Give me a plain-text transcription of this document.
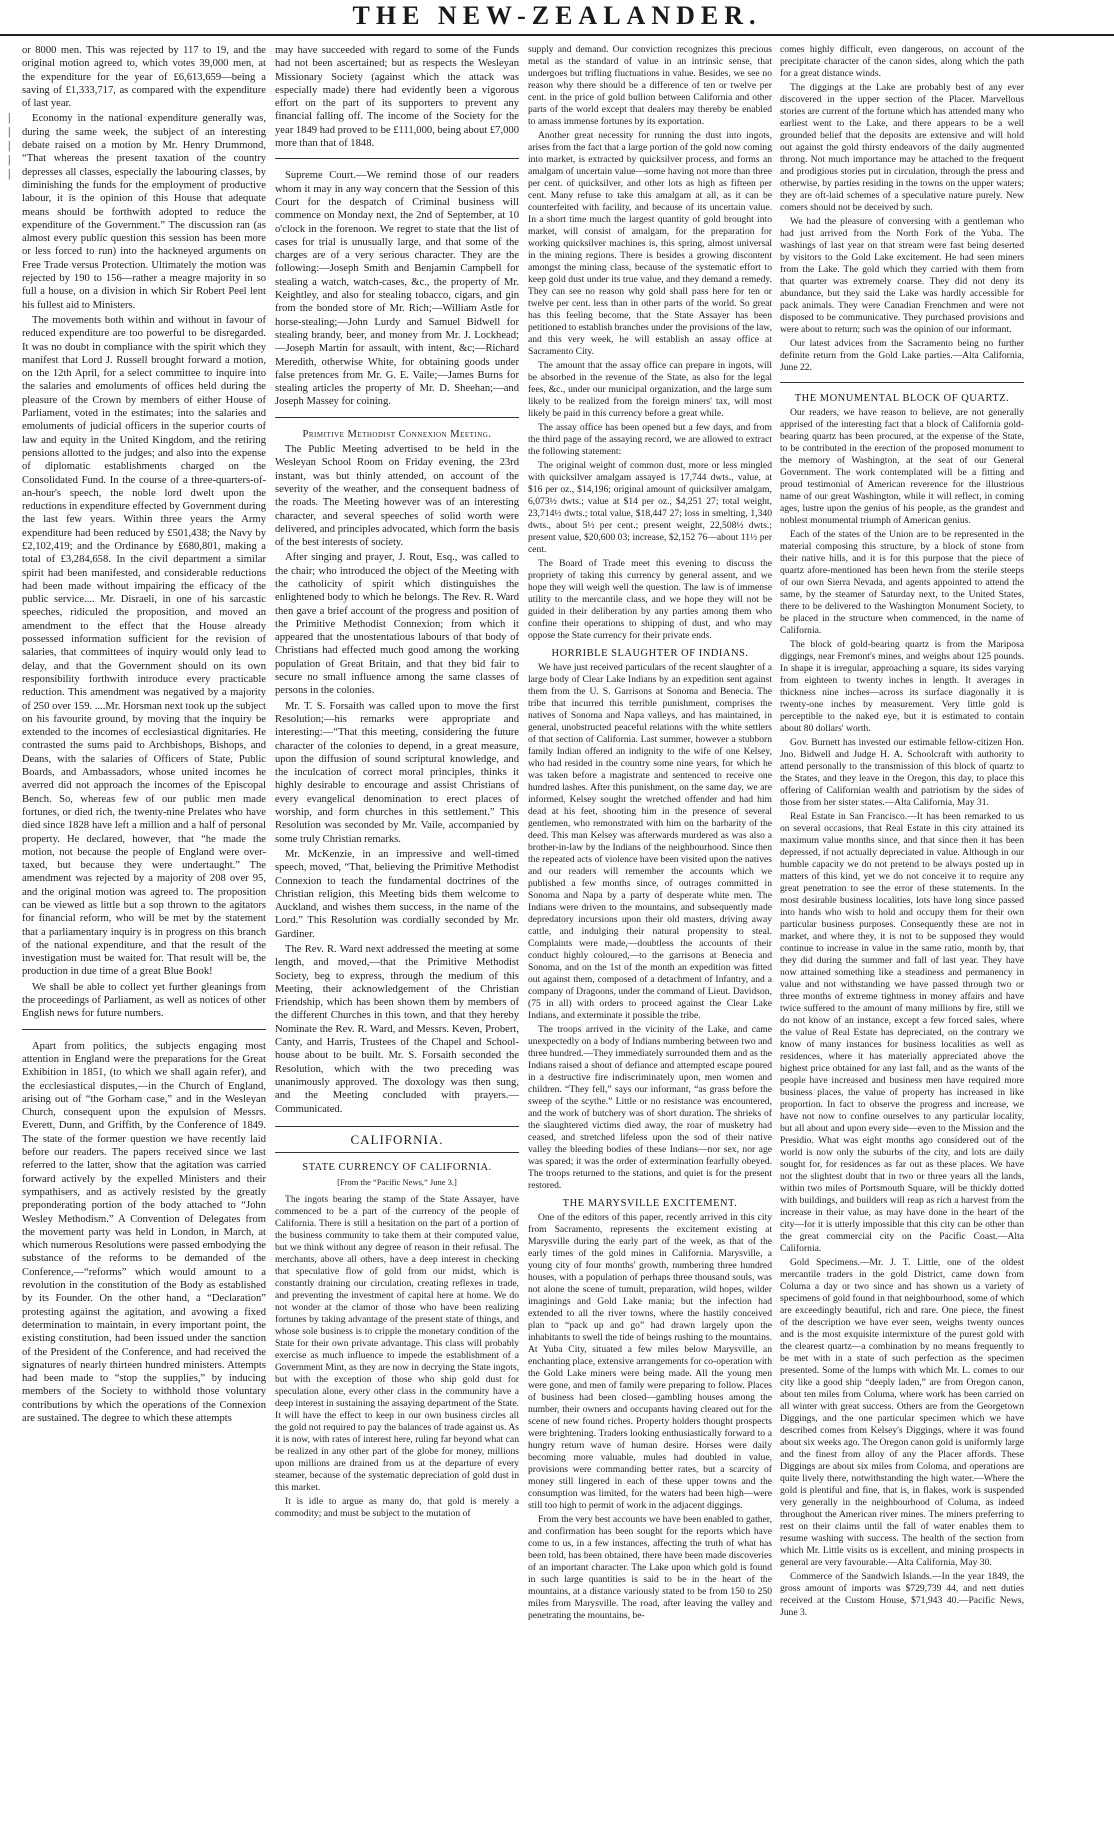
THE NEW-ZEALANDER.
|
|
|
|
|

or 8000 men. This was rejected by 117 to 19, and the original motion agreed to, which votes 39,000 men, at the expenditure for the year of £6,613,659—being a saving of £1,333,717, as compared with the expenditure of last year.

Economy in the national expenditure generally was, during the same week, the subject of an interesting debate raised on a motion by Mr. Henry Drummond, “That whereas the present taxation of the country depresses all classes, especially the labouring classes, by diminishing the funds for the employment of productive labour, it is the opinion of this House that adequate means should be forthwith adopted to reduce the expenditure of the Government.” The discussion ran (as almost every public question this session has been more or less forced to run) into the hackneyed arguments on Free Trade versus Protection. Ultimately the motion was rejected by 190 to 156—rather a meagre majority in so full a house, on a division in which Sir Robert Peel lent his fullest aid to Ministers.

The movements both within and without in favour of reduced expenditure are too powerful to be disregarded. It was no doubt in compliance with the spirit which they manifest that Lord J. Russell brought forward a motion, on the 12th April, for a select committee to inquire into the salaries and emoluments of offices held during the pleasure of the Crown by members of either House of Parliament, voted in the estimates; into the salaries and emoluments of judicial officers in the superior courts of law and equity in the United Kingdom, and the retiring pensions allotted to the judges; and also into the expense of diplomatic establishments charged on the Consolidated Fund. In the course of a three-quarters-of-an-hour's speech, the noble lord dwelt upon the reductions in expenditure effected by Government during the last few years. Within three years the Army expenditure had been reduced by £501,438; the Navy by £2,102,419; and the Ordinance by £680,801, making a total of £3,284,658. In the civil department a similar spirit had been manifested, and considerable reductions had been made without impairing the efficacy of the public service.... Mr. Disraeli, in one of his sarcastic speeches, ridiculed the proposition, and moved an amendment to the effect that the House already possessed information sufficient for the revision of salaries, that committees of inquiry would only lead to delay, and that the Government should on its own responsibility forthwith introduce every practicable reduction. This amendment was negatived by a majority of 250 over 159. ....Mr. Horsman next took up the subject on his favourite ground, by moving that the inquiry be extended to the incomes of ecclesiastical dignitaries. He contrasted the sums paid to Archbishops, Bishops, and Deans, with the salaries of Officers of State, Public Boards, and Ambassadors, whose united incomes he averred did not approach the incomes of the Episcopal Bench. So, whereas few of our public men made fortunes, or died rich, the twenty-nine Prelates who have died since 1828 have left a million and a half of personal property. He declared, however, that “he made the motion, not because the people of England were over-taxed, but because they were undertaught.” The amendment was rejected by a majority of 208 over 95, and the original motion was agreed to. The proposition can be viewed as little but a sop thrown to the agitators for financial reform, who will be met by the statement that a parliamentary inquiry is in progress on this branch of the national expenditure, and that the result of the investigation must be waited for. That result will be, the production in due time of a great Blue Book!

We shall be able to collect yet further gleanings from the proceedings of Parliament, as well as notices of other English news for future numbers.

Apart from politics, the subjects engaging most attention in England were the preparations for the Great Exhibition in 1851, (to which we shall again refer), and the ecclesiastical disputes,—in the Church of England, arising out of “the Gorham case,” and in the Wesleyan Church, consequent upon the expulsion of Messrs. Everett, Dunn, and Griffith, by the Conference of 1849. The state of the former question we have recently laid before our readers. The papers received since we last referred to the latter, show that the agitation was carried forward actively by the expelled Ministers and their sympathisers, and as actively resisted by the greatly preponderating portion of the body attached to “John Wesley Methodism.” A Convention of Delegates from the movement party was held in London, in March, at which numerous Resolutions were passed embodying the substance of the reforms to be demanded of the Conference,—“reforms” which would amount to a revolution in the constitution of the Body as established by its Founder. On the other hand, a “Declaration” protesting against the agitation, and avowing a fixed determination to maintain, in every important point, the existing constitution, had been issued under the sanction of the President of the Conference, and had received the signatures of nearly thirteen hundred ministers. Attempts had been made to “stop the supplies,” by inducing members of the Society to withhold those voluntary contributions by which the operations of the Connexion are sustained. The degree to which these attempts

may have succeeded with regard to some of the Funds had not been ascertained; but as respects the Wesleyan Missionary Society (against which the attack was especially made) there had evidently been a vigorous effort on the part of its supporters to prevent any financial falling off. The income of the Society for the year 1849 had proved to be £111,000, being about £7,000 more than that of 1848.

Supreme Court.—We remind those of our readers whom it may in any way concern that the Session of this Court for the despatch of Criminal business will commence on Monday next, the 2nd of September, at 10 o'clock in the forenoon. We regret to state that the list of cases for trial is unusually large, and that some of the charges are of a very serious character. They are the following:—Joseph Smith and Benjamin Campbell for stealing a watch, watch-cases, &c., the property of Mr. Keightley, and also for stealing tobacco, cigars, and gin from the bonded store of Mr. Rich;—William Astle for horse-stealing;—John Lurdy and Samuel Bidwell for stealing brandy, beer, and money from Mr. J. Lockhead;—Joseph Martin for assault, with intent, &c;—Richard Meredith, otherwise White, for obtaining goods under false pretences from Mr. G. E. Vaile;—James Burns for stealing articles the property of Mr. D. Sheehan;—and Joseph Massey for coining.

Primitive Methodist Connexion Meeting.

The Public Meeting advertised to be held in the Wesleyan School Room on Friday evening, the 23rd instant, was but thinly attended, on account of the severity of the weather, and the consequent badness of the roads. The Meeting however was of an interesting character, and several speeches of solid worth were delivered, and principles advocated, which form the basis of the best interests of society.

After singing and prayer, J. Rout, Esq., was called to the chair; who introduced the object of the Meeting with the catholicity of spirit which distinguishes the enlightened body to which he belongs. The Rev. R. Ward then gave a brief account of the progress and position of the Primitive Methodist Connexion; from which it appeared that the unostentatious labours of that body of Christians had effected much good among the working population of Great Britain, and that they bid fair to secure no small influence among the same classes of persons in the colonies.

Mr. T. S. Forsaith was called upon to move the first Resolution;—his remarks were appropriate and interesting:—“That this meeting, considering the future character of the colonies to depend, in a great measure, upon the diffusion of sound scriptural knowledge, and the inculcation of correct moral principles, thinks it highly desirable to encourage and assist Christians of every evangelical denomination to erect places of worship, and form churches in this settlement.” This Resolution was seconded by Mr. Vaile, accompanied by some truly Christian remarks.

Mr. McKenzie, in an impressive and well-timed speech, moved, “That, believing the Primitive Methodist Connexion to teach the fundamental doctrines of the Christian religion, this Meeting bids them welcome to Auckland, and wishes them success, in the name of the Lord.” This Resolution was cordially seconded by Mr. Gardiner.

The Rev. R. Ward next addressed the meeting at some length, and moved,—that the Primitive Methodist Society, beg to express, through the medium of this Meeting, their acknowledgement of the Christian Friendship, which has been shown them by members of the different Churches in this town, and that they hereby Nominate the Rev. R. Ward, and Messrs. Keven, Probert, Canty, and Harris, Trustees of the Chapel and School-house about to be built. Mr. S. Forsaith seconded the Resolution, which with the two preceding was unanimously approved. The doxology was then sung, and the Meeting concluded with prayers.—Communicated.

CALIFORNIA.
STATE CURRENCY OF CALIFORNIA.

[From the “Pacific News,” June 3.]

The ingots bearing the stamp of the State Assayer, have commenced to be a part of the currency of the people of California. There is still a hesitation on the part of a portion of the business community to take them at their computed value, but we think without any degree of reason in their refusal. The merchants, above all others, have a deep interest in checking that speculative flow of gold from our midst, which is constantly draining our circulation, creating reflexes in trade, and preventing the investment of capital here at home. We do not wonder at the clamor of those who have been realizing fortunes by taking advantage of the present state of things, and whose sole business is to cripple the monetary condition of the State for their own private advantage. This class will probably exercise as much influence to impede the establishment of a Government Mint, as they are now in decrying the State ingots, but with the exception of those who ship gold dust for speculation alone, every other class in the community have a deep interest in sustaining the assaying department of the State. It will have the effect to keep in our own business circles all the gold not required to pay the balances of trade against us. As it is now, with rates of interest here, ruling far beyond what can be realized in any other part of the globe for money, millions upon millions are drained from us at the departure of every steamer, because of the systematic depreciation of gold dust in this market.

It is idle to argue as many do, that gold is merely a commodity; and must be subject to the mutation of

supply and demand. Our conviction recognizes this precious metal as the standard of value in an intrinsic sense, that undergoes but trifling fluctuations in value. Besides, we see no reason why there should be a difference of ten or twelve per cent. in the price of gold bullion between California and other parts of the world except that dealers may thereby be enabled to amass immense fortunes by its exportation.

Another great necessity for running the dust into ingots, arises from the fact that a large portion of the gold now coming into market, is extracted by quicksilver process, and forms an amalgam of uncertain value—some having not more than three per cent. of quicksilver, and other lots as high as fifteen per cent. Many refuse to take this amalgam at all, as it can be counterfeited with facility, and because of its uncertain value. In a short time much the largest quantity of gold brought into market, will consist of amalgam, for the preparation for working quicksilver machines is, this spring, almost universal in the mining regions. There is besides a growing discontent amongst the mining class, because of the systematic effort to keep gold dust under its true value, and they demand a remedy. They can see no reason why gold shall pass here for ten or twelve per cent. less than in other parts of the world. So great has this feeling become, that the State Assayer has been petitioned to establish branches under the provisions of the law, and this very week, he will establish an assay office at Sacramento City.

The amount that the assay office can prepare in ingots, will be absorbed in the revenue of the State, as also for the legal fees, &c., under our municipal organization, and the large sum likely to be realized from the foreign miners' tax, will most likely be paid in this currency before a great while.

The assay office has been opened but a few days, and from the third page of the assaying record, we are allowed to extract the following statement:

The original weight of common dust, more or less mingled with quicksilver amalgam assayed is 17,744 dwts., value, at $16 per oz., $14,196; original amount of quicksilver amalgam, 6,073½ dwts.; value at $14 per oz., $4,251 27; total weight, 23,714½ dwts.; total value, $18,447 27; loss in smelting, 1,340 dwts., about 5½ per cent.; present weight, 22,508½ dwts.; present value, $20,600 03; increase, $2,152 76—about 11½ per cent.

The Board of Trade meet this evening to discuss the propriety of taking this currency by general assent, and we hope they will weigh well the question. The law is of immense utility to the mercantile class, and we hope they will not be guided in their deliberation by any parties among them who confine their operations to shipping of dust, and who may oppose the State currency for their private ends.

HORRIBLE SLAUGHTER OF INDIANS.

We have just received particulars of the recent slaughter of a large body of Clear Lake Indians by an expedition sent against them from the U. S. Garrisons at Sonoma and Benecia. The tribe that incurred this terrible punishment, comprises the natives of Sonoma and Napa valleys, and has maintained, in general, unobstructed peaceful relations with the white settlers of that section of California. Last summer, however a stubborn family Indian offered an indignity to the wife of one Kelsey, who had resided in the country some nine years, for which he was taken before a magistrate and sentenced to receive one hundred lashes. After this punishment, on the same day, we are informed, Kelsey sought the wretched offender and had him dead at his feet, shooting him in the presence of several gentlemen, who remonstrated with him on the barbarity of the deed. This man Kelsey was afterwards murdered as was also a brother-in-law by the Indians of the neighbourhood. Since then the repeated acts of violence have been visited upon the natives and our readers will remember the accounts which we published a few months since, of outrages committed in Sonoma and Napa by a party of desperate white men. The Indians were driven to the mountains, and subsequently made depredatory incursions upon their old masters, driving away cattle, and indulging their natural propensity to steal. Complaints were made,—doubtless the accounts of their conduct highly coloured,—to the garrisons at Benecia and Sonoma, and on the 1st of the month an expedition was fitted out against them, composed of a detachment of Infantry, and a company of Dragoons, under the command of Lieut. Davidson, (75 in all) with orders to proceed against the Clear Lake Indians, and exterminate it possible the tribe.

The troops arrived in the vicinity of the Lake, and came unexpectedly on a body of Indians numbering between two and three hundred.—They immediately surrounded them and as the Indians raised a shout of defiance and attempted escape poured in a destructive fire indiscriminately upon, men women and children. “They fell,” says our informant, “as grass before the sweep of the scythe.” Little or no resistance was encountered, and the work of butchery was of short duration. The shrieks of the slaughtered victims died away, the roar of musketry had ceased, and stretched lifeless upon the sod of their native valley the bleeding bodies of these Indians—nor sex, nor age was spared; it was the order of extermination fearfully obeyed. The troops returned to the stations, and quiet is for the present restored.

THE MARYSVILLE EXCITEMENT.

One of the editors of this paper, recently arrived in this city from Sacramento, represents the excitement existing at Marysville during the early part of the week, as that of the early times of the gold mines in California. Marysville, a young city of four months' growth, numbering three hundred houses, with a population of perhaps three thousand souls, was not alone the scene of tumult, preparation, wild hopes, wilder imaginings and Gold Lake mania; but the infection had extended to all the river towns, where the hastily conceived plan to “pack up and go” had drawn largely upon the inhabitants to swell the tide of beings rushing to the mountains. At Yuba City, situated a few miles below Marysville, an enchanting place, extensive arrangements for co-operation with the Gold Lake miners were being made. All the young men were gone, and men of family were preparing to follow. Places of business had been closed—gambling houses among the number, their owners and occupants having cleared out for the scene of new found riches. Property holders thought prospects were brightening. Traders looking enthusiastically forward to a hungry return wave of human desire. Horses were daily becoming more valuable, mules had doubled in value, provisions were commanding better rates, but a scarcity of money still lingered in each of these upper towns and the consumption was limited, for the waters had been high—were still too high to permit of work in the adjacent diggings.

From the very best accounts we have been enabled to gather, and confirmation has been sought for the reports which have come to us, in a few instances, affecting the truth of what has been told, has been obtained, there have been made discoveries of an important character. The Lake upon which gold is found in such large quantities is said to be in the heart of the mountains, at a distance variously stated to be from 150 to 250 miles from Marysville. The road, after leaving the valley and penetrating the mountains, be-

comes highly difficult, even dangerous, on account of the precipitate character of the canon sides, along which the path for a great distance winds.

The diggings at the Lake are probably best of any ever discovered in the upper section of the Placer. Marvellous stories are current of the fortune which has attended many who earliest went to the Lake, and there appears to be a well grounded belief that the deposits are extensive and will hold out against the gold thirsty endeavors of the daily augmented throng. Not much importance may be attached to the frequent and prodigious stories put in circulation, through the press and otherwise, by parties residing in the towns on the upper waters; they are oft-laid schemes of a speculative nature purely. New comers should not be deceived by such.

We had the pleasure of conversing with a gentleman who had just arrived from the North Fork of the Yuba. The washings of last year on that stream were fast being deserted by visitors to the Gold Lake excitement. He had seen miners from the Lake. The gold which they carried with them from that quarter was extremely coarse. They did not deny its abundance, but they said the Lake was hardly accessible for pack animals. They were Canadian Frenchmen and were not disposed to be communicative. They purchased provisions and were about to return; such was the opinion of our informant.

Our latest advices from the Sacramento being no further definite return from the Gold Lake parties.—Alta California, June 22.

THE MONUMENTAL BLOCK OF QUARTZ.

Our readers, we have reason to believe, are not generally apprised of the interesting fact that a block of California gold-bearing quartz has been procured, at the expense of the State, to be contributed in the erection of the proposed monument to the memory of Washington, at the seat of our General Government. The work contemplated will be a fitting and proud testimonial of American reverence for the illustrious name of our great Washington, while it will reflect, in coming ages, lustre upon the genius of his people, as the grandest and noblest monumental triumph of American genius.

Each of the states of the Union are to be represented in the material composing this structure, by a block of stone from their native hills, and it is for this purpose that the piece of quartz afore-mentioned has been hewn from the sterile steeps of our own Sierra Nevada, and agents appointed to attend the same, by the steamer of Saturday next, to the United States, there to be delivered to the Washington Monument Society, to be placed in the structure when commenced, in the name of California.

The block of gold-bearing quartz is from the Mariposa diggings, near Fremont's mines, and weighs about 125 pounds. In shape it is irregular, approaching a square, its sides varying from eighteen to twenty inches in length. It averages in thickness nine inches—across its surface diagonally it is twenty-one inches by measurement. Very little gold is perceptible to the naked eye, but it is estimated to contain about 80 dollars' worth.

Gov. Burnett has invested our estimable fellow-citizen Hon. Jno. Bidwell and Judge H. A. Schoolcraft with authority to attend personally to the transmission of this block of quartz to the States, and they leave in the Oregon, this day, to place this offering of Californian wealth and patriotism by the sides of those from her sister states.—Alta California, May 31.

Real Estate in San Francisco.—It has been remarked to us on several occasions, that Real Estate in this city attained its maximum value months since, and that since then it has been depressed, if not actually depreciated in value. Although in our humble capacity we do not pretend to be always posted up in matters of this kind, yet we do not conceive it to require any great penetration to see the error of these statements. In the most desirable business localities, lots have long since passed into hands who wish to hold and occupy them for their own particular business purposes. Consequently these are not in market, and where they, it is not to be supposed they would continue to increase in value in the same ratio, month by, that they did during the summer and fall of last year. They have now attained something like a steadiness and permanency in value and not withstanding we have passed through two or three months of extreme tightness in money affairs and have twice suffered to the amount of many millions by fire, still we do not know of an instance, except a few forced sales, where the value of Real Estate has depreciated, on the contrary we know of many instances for business localities as well as residences, where it has materially appreciated above the highest price obtained for any last fall, and as the wants of the people have increased and business men have required more business places, the value of property has increased in like proportion. In fact to observe the progress and increase, we have not now to confine ourselves to any particular locality, but all about and upon every side—even to the Mission and the Presidio. What was eight months ago considered out of the world is now only the suburbs of the city, and lots are daily sought for, for residences as far out as these places. We have not the slightest doubt that in two or three years all the lands, within two miles of Portsmouth Square, will be thickly dotted with buildings, and builders will reap as rich a harvest from the increase in their value, as may have done in the heart of the city—for it is utterly impossible that this city can be other than the great commercial city on the Pacific Coast.—Alta California.

Gold Specimens.—Mr. J. T. Little, one of the oldest mercantile traders in the gold District, came down from Columa a day or two since and has shown us a variety of specimens of gold found in that neighbourhood, some of which are exceedingly beautiful, rich and rare. One piece, the finest of the description we have ever seen, weighs twenty ounces and is the most exquisite intermixture of the purest gold with the clearest quartz—a combination by no means frequently to be met with in a state of such perfection as the specimen presented. Some of the lumps with which Mr. L. comes to our city like a good ship “deeply laden,” are from Oregon canon, about ten miles from Columa, where work has been carried on all winter with great success. Others are from the Georgetown Diggings, and the one particular specimen which we have described comes from Kelsey's Diggings, where it was found about six weeks ago. The Oregon canon gold is uniformly large and the finest from alloy of any the Placer affords. These Diggings are about six miles from Coloma, and operations are quite lively there, notwithstanding the high water.—Where the gold is plentiful and fine, that is, in flakes, work is suspended very generally in the neighbourhood of Columa, as indeed throughout the American river mines. The miners preferring to rest on their claims until the fall of water enables them to resume washing with success. The health of the section from which Mr. Little visits us is excellent, and mining prospects in general are very favourable.—Alta California, May 30.

Commerce of the Sandwich Islands.—In the year 1849, the gross amount of imports was $729,739 44, and nett duties received at the Custom House, $71,943 40.—Pacific News, June 3.
